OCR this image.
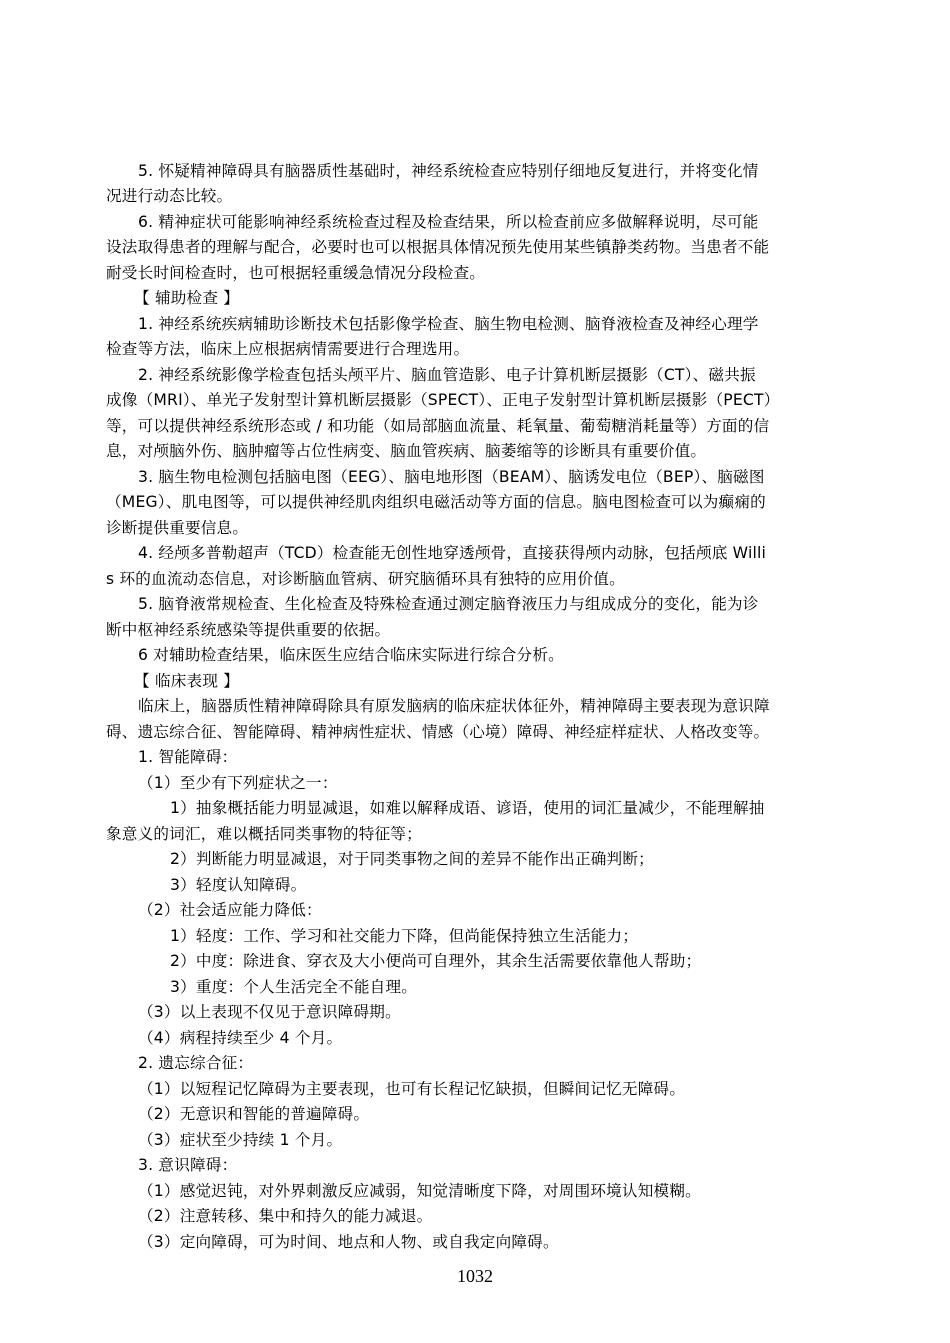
5. 怀疑精神障碍具有脑器质性基础时，神经系统检查应特别仔细地反复进行，并将变化情
况进行动态比较。
6. 精神症状可能影响神经系统检查过程及检查结果，所以检查前应多做解释说明，尽可能
设法取得患者的理解与配合，必要时也可以根据具体情况预先使用某些镇静类药物。当患者不能
耐受长时间检查时，也可根据轻重缓急情况分段检查。
【 辅助检查 】
1. 神经系统疾病辅助诊断技术包括影像学检查、脑生物电检测、脑脊液检查及神经心理学
检查等方法，临床上应根据病情需要进行合理选用。
2. 神经系统影像学检查包括头颅平片、脑血管造影、电子计算机断层摄影（CT）、磁共振
成像（MRI）、单光子发射型计算机断层摄影（SPECT）、正电子发射型计算机断层摄影（PECT）
等，可以提供神经系统形态或 / 和功能（如局部脑血流量、耗氧量、葡萄糖消耗量等）方面的信
息，对颅脑外伤、脑肿瘤等占位性病变、脑血管疾病、脑萎缩等的诊断具有重要价值。
3. 脑生物电检测包括脑电图（EEG）、脑电地形图（BEAM）、脑诱发电位（BEP）、脑磁图
（MEG）、肌电图等，可以提供神经肌肉组织电磁活动等方面的信息。脑电图检查可以为癫痫的
诊断提供重要信息。
4. 经颅多普勒超声（TCD）检查能无创性地穿透颅骨，直接获得颅内动脉，包括颅底 Willi
s 环的血流动态信息，对诊断脑血管病、研究脑循环具有独特的应用价值。
5. 脑脊液常规检查、生化检查及特殊检查通过测定脑脊液压力与组成成分的变化，能为诊
断中枢神经系统感染等提供重要的依据。
6 对辅助检查结果，临床医生应结合临床实际进行综合分析。
【 临床表现 】
临床上，脑器质性精神障碍除具有原发脑病的临床症状体征外，精神障碍主要表现为意识障
碍、遗忘综合征、智能障碍、精神病性症状、情感（心境）障碍、神经症样症状、人格改变等。
1. 智能障碍：
（1）至少有下列症状之一：
1）抽象概括能力明显减退，如难以解释成语、谚语，使用的词汇量减少，不能理解抽
象意义的词汇，难以概括同类事物的特征等；
2）判断能力明显减退，对于同类事物之间的差异不能作出正确判断；
3）轻度认知障碍。
（2）社会适应能力降低：
1）轻度：工作、学习和社交能力下降，但尚能保持独立生活能力；
2）中度：除进食、穿衣及大小便尚可自理外，其余生活需要依靠他人帮助；
3）重度：个人生活完全不能自理。
（3）以上表现不仅见于意识障碍期。
（4）病程持续至少 4 个月。
2. 遗忘综合征：
（1）以短程记忆障碍为主要表现，也可有长程记忆缺损，但瞬间记忆无障碍。
（2）无意识和智能的普遍障碍。
（3）症状至少持续 1 个月。
3. 意识障碍：
（1）感觉迟钝，对外界刺激反应减弱，知觉清晰度下降，对周围环境认知模糊。
（2）注意转移、集中和持久的能力减退。
（3）定向障碍，可为时间、地点和人物、或自我定向障碍。
1032
